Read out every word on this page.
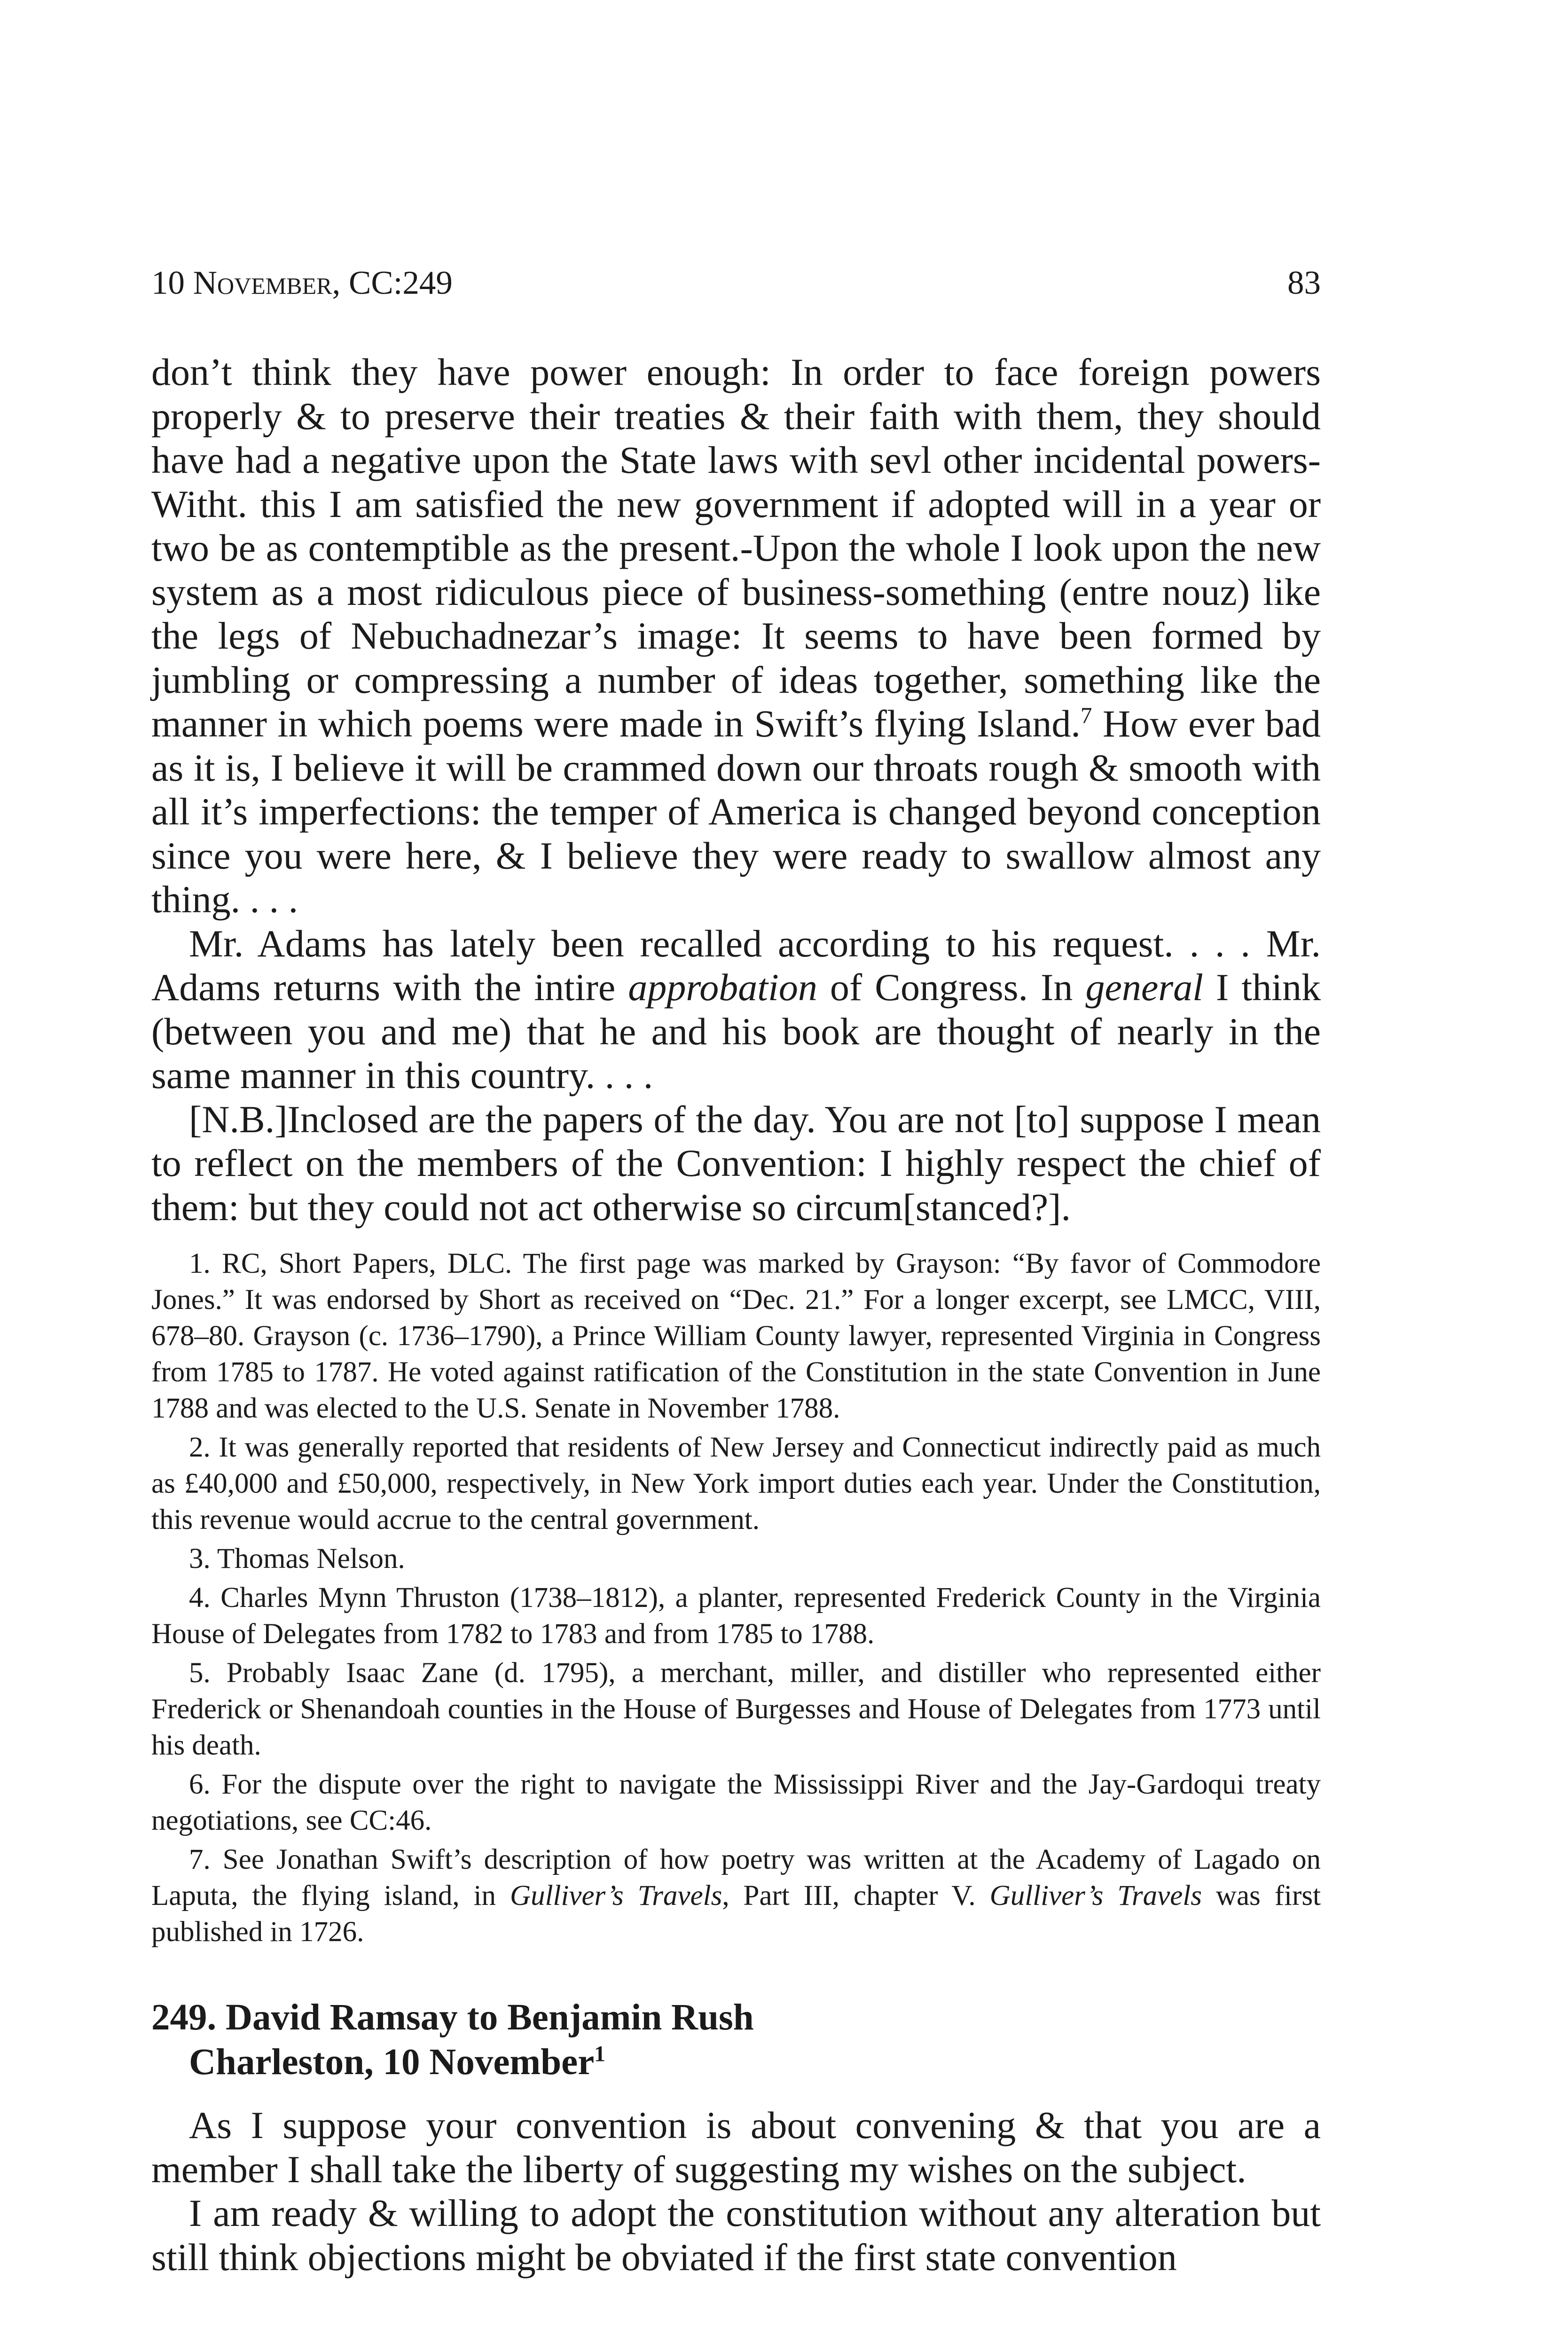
10 November, CC:249	83

don’t think they have power enough: In order to face foreign powers properly & to preserve their treaties & their faith with them, they should have had a negative upon the State laws with sevl other incidental powers-Witht. this I am satisfied the new government if adopted will in a year or two be as contemptible as the present.-Upon the whole I look upon the new system as a most ridiculous piece of business-something (entre nouz) like the legs of Nebuchadnezar’s image: It seems to have been formed by jumbling or compressing a number of ideas together, something like the manner in which poems were made in Swift’s flying Island.$^7$ How ever bad as it is, I believe it will be crammed down our throats rough & smooth with all it’s imperfections: the temper of America is changed beyond conception since you were here, & I believe they were ready to swallow almost any thing. . . .

Mr. Adams has lately been recalled according to his request. . . . Mr. Adams returns with the intire approbation of Congress. In general I think (between you and me) that he and his book are thought of nearly in the same manner in this country. . . .

[N.B.]Inclosed are the papers of the day. You are not [to] suppose I mean to reflect on the members of the Convention: I highly respect the chief of them: but they could not act otherwise so circum[stanced?].

1. RC, Short Papers, DLC. The first page was marked by Grayson: “By favor of Commodore Jones.” It was endorsed by Short as received on “Dec. 21.” For a longer excerpt, see LMCC, VIII, 678–80. Grayson (c. 1736–1790), a Prince William County lawyer, represented Virginia in Congress from 1785 to 1787. He voted against ratification of the Constitution in the state Convention in June 1788 and was elected to the U.S. Senate in November 1788.

2. It was generally reported that residents of New Jersey and Connecticut indirectly paid as much as £40,000 and £50,000, respectively, in New York import duties each year. Under the Constitution, this revenue would accrue to the central government.

3. Thomas Nelson.

4. Charles Mynn Thruston (1738–1812), a planter, represented Frederick County in the Virginia House of Delegates from 1782 to 1783 and from 1785 to 1788.

5. Probably Isaac Zane (d. 1795), a merchant, miller, and distiller who represented either Frederick or Shenandoah counties in the House of Burgesses and House of Delegates from 1773 until his death.

6. For the dispute over the right to navigate the Mississippi River and the Jay-Gardoqui treaty negotiations, see CC:46.

7. See Jonathan Swift’s description of how poetry was written at the Academy of Lagado on Laputa, the flying island, in Gulliver’s Travels, Part III, chapter V. Gulliver’s Travels was first published in 1726.

249. David Ramsay to Benjamin Rush
Charleston, 10 November$^1$

As I suppose your convention is about convening & that you are a member I shall take the liberty of suggesting my wishes on the subject.

I am ready & willing to adopt the constitution without any alteration but still think objections might be obviated if the first state convention
